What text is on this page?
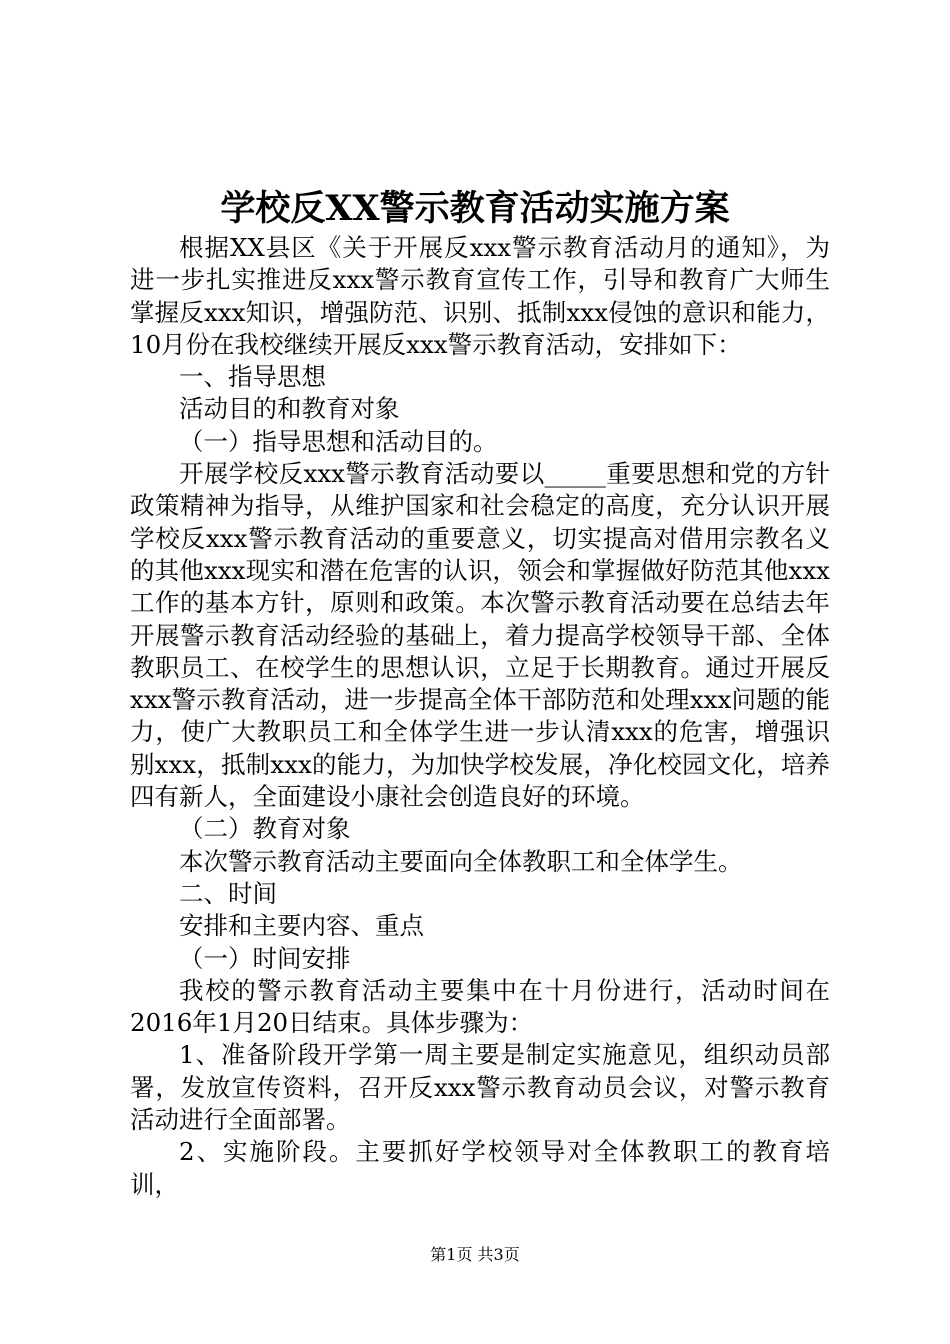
学校反XX警示教育活动实施方案

根据XX县区《关于开展反xxx警示教育活动月的通知》，为进一步扎实推进反xxx警示教育宣传工作，引导和教育广大师生掌握反xxx知识，增强防范、识别、抵制xxx侵蚀的意识和能力，10月份在我校继续开展反xxx警示教育活动，安排如下：

一、指导思想

活动目的和教育对象

（一）指导思想和活动目的。

开展学校反xxx警示教育活动要以_____重要思想和党的方针政策精神为指导，从维护国家和社会稳定的高度，充分认识开展学校反xxx警示教育活动的重要意义，切实提高对借用宗教名义的其他xxx现实和潜在危害的认识，领会和掌握做好防范其他xxx工作的基本方针，原则和政策。本次警示教育活动要在总结去年开展警示教育活动经验的基础上，着力提高学校领导干部、全体教职员工、在校学生的思想认识，立足于长期教育。通过开展反xxx警示教育活动，进一步提高全体干部防范和处理xxx问题的能力，使广大教职员工和全体学生进一步认清xxx的危害，增强识别xxx，抵制xxx的能力，为加快学校发展，净化校园文化，培养四有新人，全面建设小康社会创造良好的环境。

（二）教育对象

本次警示教育活动主要面向全体教职工和全体学生。

二、时间

安排和主要内容、重点

（一）时间安排

我校的警示教育活动主要集中在十月份进行，活动时间在2016年1月20日结束。具体步骤为：

1、准备阶段开学第一周主要是制定实施意见，组织动员部署，发放宣传资料，召开反xxx警示教育动员会议，对警示教育活动进行全面部署。

2、实施阶段。主要抓好学校领导对全体教职工的教育培训，

第1页 共3页
